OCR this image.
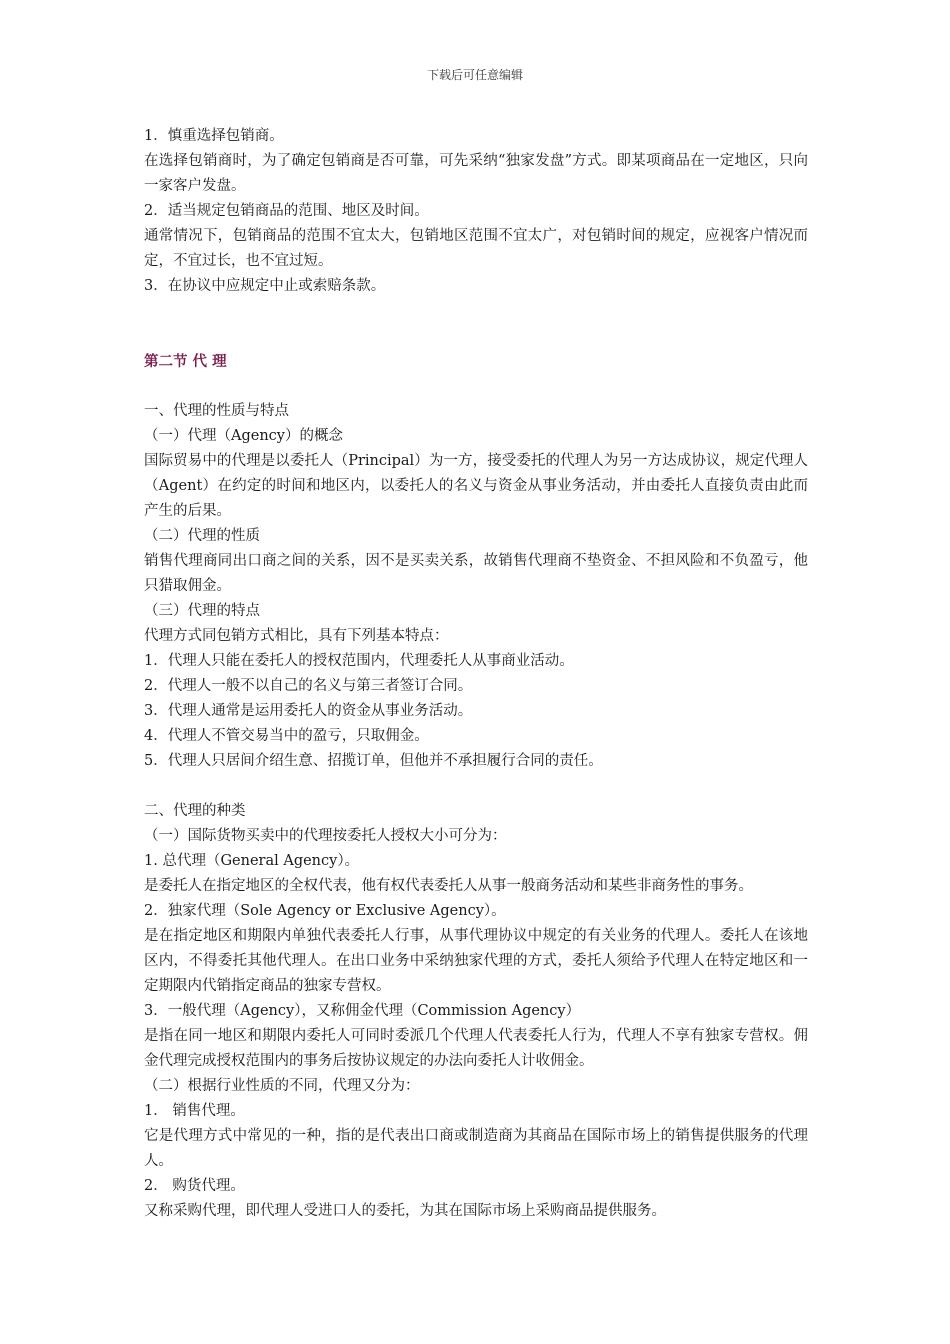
下载后可任意编辑

1．慎重选择包销商。

在选择包销商时，为了确定包销商是否可靠，可先采纳“独家发盘”方式。即某项商品在一定地区，只向一家客户发盘。

2．适当规定包销商品的范围、地区及时间。

通常情况下，包销商品的范围不宜太大，包销地区范围不宜太广，对包销时间的规定，应视客户情况而定，不宜过长，也不宜过短。

3．在协议中应规定中止或索赔条款。

第二节 代 理

一、代理的性质与特点

（一）代理（Agency）的概念

国际贸易中的代理是以委托人（Principal）为一方，接受委托的代理人为另一方达成协议，规定代理人（Agent）在约定的时间和地区内，以委托人的名义与资金从事业务活动，并由委托人直接负责由此而产生的后果。

（二）代理的性质

销售代理商同出口商之间的关系，因不是买卖关系，故销售代理商不垫资金、不担风险和不负盈亏，他只猎取佣金。

（三）代理的特点

代理方式同包销方式相比，具有下列基本特点：

1．代理人只能在委托人的授权范围内，代理委托人从事商业活动。

2．代理人一般不以自己的名义与第三者签订合同。

3．代理人通常是运用委托人的资金从事业务活动。

4．代理人不管交易当中的盈亏，只取佣金。

5．代理人只居间介绍生意、招揽订单，但他并不承担履行合同的责任。

二、代理的种类

（一）国际货物买卖中的代理按委托人授权大小可分为：

1. 总代理（General Agency）。

是委托人在指定地区的全权代表，他有权代表委托人从事一般商务活动和某些非商务性的事务。

2．独家代理（Sole Agency or Exclusive Agency）。

是在指定地区和期限内单独代表委托人行事，从事代理协议中规定的有关业务的代理人。委托人在该地区内，不得委托其他代理人。在出口业务中采纳独家代理的方式，委托人须给予代理人在特定地区和一定期限内代销指定商品的独家专营权。

3．一般代理（Agency），又称佣金代理（Commission Agency）

是指在同一地区和期限内委托人可同时委派几个代理人代表委托人行为，代理人不享有独家专营权。佣金代理完成授权范围内的事务后按协议规定的办法向委托人计收佣金。

（二）根据行业性质的不同，代理又分为：

1． 销售代理。

它是代理方式中常见的一种，指的是代表出口商或制造商为其商品在国际市场上的销售提供服务的代理人。

2． 购货代理。

又称采购代理，即代理人受进口人的委托，为其在国际市场上采购商品提供服务。
